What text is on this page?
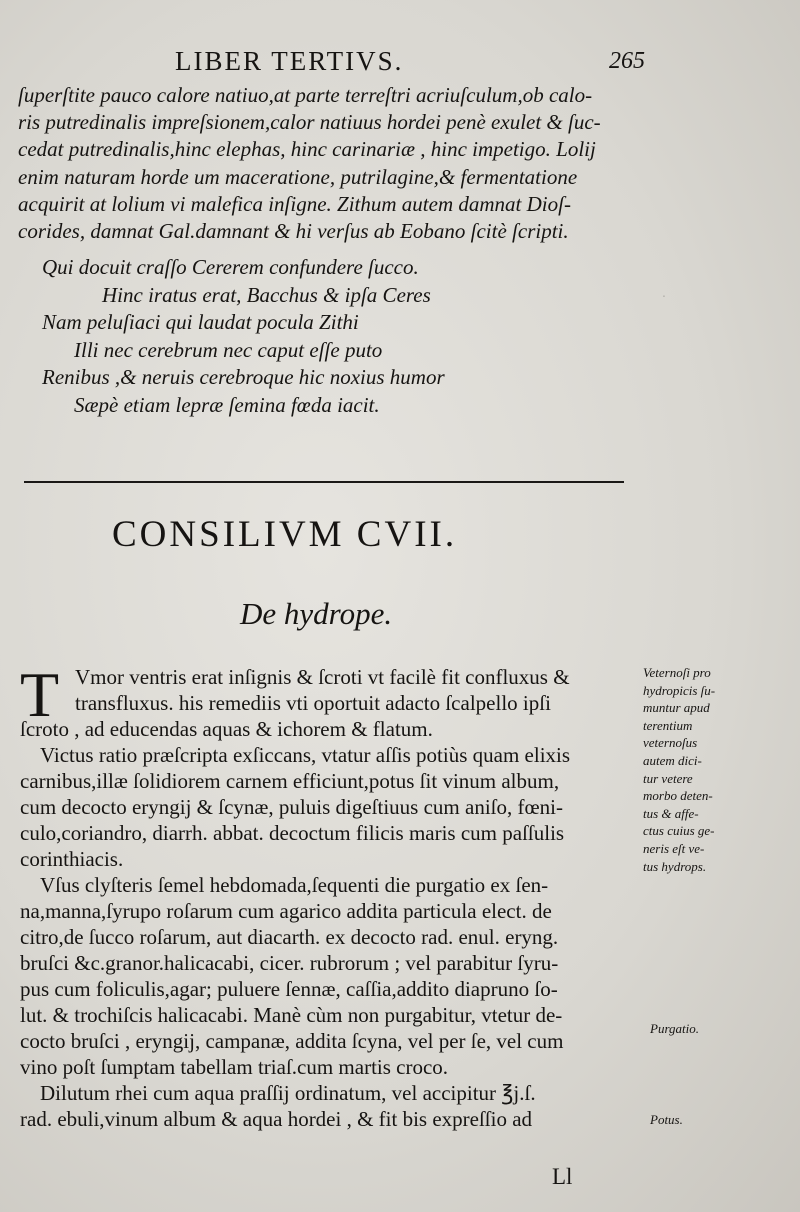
·
LIBER TERTIVS.	265

ſuperſtite pauco calore natiuo,at parte terreſtri acriuſculum,ob calo-

ris putredinalis impreſsionem,calor natiuus hordei penè exulet & ſuc-

cedat putredinalis,hinc elephas, hinc carinariæ , hinc impetigo. Lolij

enim naturam horde um maceratione, putrilagine,& fermentatione

acquirit at lolium vi malefica inſigne. Zithum autem damnat Dioſ-

corides, damnat Gal.damnant & hi verſus ab Eobano ſcitè ſcripti.

Qui docuit craſſo Cererem confundere ſucco.

Hinc iratus erat, Bacchus & ipſa Ceres

Nam peluſiaci qui laudat pocula Zithi

Illi nec cerebrum nec caput eſſe puto

Renibus ,& neruis cerebroque hic noxius humor

Sæpè etiam lepræ ſemina fœda iacit.

CONSILIVM CVII.
De hydrope.
T Vmor ventris erat inſignis & ſcroti vt facilè fit confluxus &

transfluxus. his remediis vti oportuit adacto ſcalpello ipſi

ſcroto , ad educendas aquas & ichorem & flatum.

Victus ratio præſcripta exſiccans, vtatur aſſis potiùs quam elixis

carnibus,illæ ſolidiorem carnem efficiunt,potus ſit vinum album,

cum decocto eryngij & ſcynæ, puluis digeſtiuus cum aniſo, fœni-

culo,coriandro, diarrh. abbat. decoctum filicis maris cum paſſulis

corinthiacis.

Vſus clyſteris ſemel hebdomada,ſequenti die purgatio ex ſen-

na,manna,ſyrupo roſarum cum agarico addita particula elect. de

citro,de ſucco roſarum, aut diacarth. ex decocto rad. enul. eryng.

bruſci &c.granor.halicacabi, cicer. rubrorum ; vel parabitur ſyru-

pus cum foliculis,agar; puluere ſennæ, caſſia,addito diapruno ſo-

lut. & trochiſcis halicacabi. Manè cùm non purgabitur, vtetur de-

cocto bruſci , eryngij, campanæ, addita ſcyna, vel per ſe, vel cum

vino poſt ſumptam tabellam triaſ.cum martis croco.

Dilutum rhei cum aqua praſſij ordinatum, vel accipitur ℥j.ſ.

rad. ebuli,vinum album & aqua hordei , & fit bis expreſſio ad

Veternoſi pro

hydropicis ſu-

muntur apud

terentium

veternoſus

autem dici-

tur vetere

morbo deten-

tus & affe-

ctus cuius ge-

neris eſt ve-

tus hydrops.

Purgatio.
Potus.
Ll
